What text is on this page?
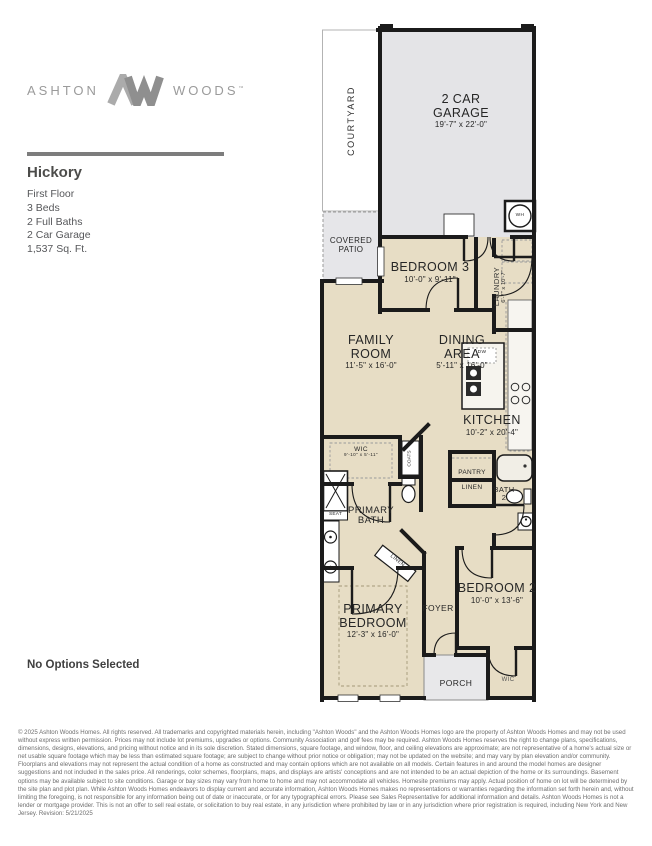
ASHTON	WOODS™
Hickory
First Floor
3 Beds
2 Full Baths
2 Car Garage
1,537 Sq. Ft.
No Options Selected
© 2025 Ashton Woods Homes. All rights reserved. All trademarks and copyrighted materials herein, including "Ashton Woods" and the Ashton Woods Homes logo are the property of Ashton Woods Homes and may not be used without express written permission. Prices may not include lot premiums, upgrades or options. Community Association and golf fees may be required. Ashton Woods Homes reserves the right to change plans, specifications, dimensions, designs, elevations, and pricing without notice and in its sole discretion. Stated dimensions, square footage, and window, floor, and ceiling elevations are approximate; are not representative of a home's actual size or net usable square footage which may be less than estimated square footage; are subject to change without prior notice or obligation; may not be updated on the website; and may vary by plan elevation and/or community. Floorplans and elevations may not represent the actual condition of a home as constructed and may contain options which are not available on all models. Certain features in and around the model homes are designer suggestions and not included in the sales price. All renderings, color schemes, floorplans, maps, and displays are artists' conceptions and are not intended to be an actual depiction of the home or its surroundings. Basement options may be available subject to site conditions. Garage or bay sizes may vary from home to home and may not accommodate all vehicles. Homesite premiums may apply. Actual position of home on lot will be determined by the site plan and plot plan. While Ashton Woods Homes endeavors to display current and accurate information, Ashton Woods Homes makes no representations or warranties regarding the information set forth herein and, without limiting the foregoing, is not responsible for any information being out of date or inaccurate, or for any typographical errors. Please see Sales Representative for additional information and details. Ashton Woods Homes is not a lender or mortgage provider. This is not an offer to sell real estate, or solicitation to buy real estate, in any jurisdiction where prohibited by law or in any jurisdiction where prior registration is required, including New York and New Jersey. Revision: 5/21/2025
COURTYARD	2 CAR GARAGE
19'-7" x 22'-0"
COVERED PATIO
BEDROOM 3
10'-0" x 9'-11"	LAUNDRY 6'-7" x 10'-7"
WH
FAMILY ROOM
11'-5" x 16'-0"
DINING AREA
5'-11" x 16'-0"
DW
KITCHEN
10'-2" x 20'-4"
WIC
9'-10" x 5'-11"	COATS
PANTRY
LINEN	BATH
2
PRIMARY BATH
SEAT
LINEN
PRIMARY BEDROOM
12'-3" x 16'-0"
FOYER
BEDROOM 2
10'-0" x 13'-6"
PORCH	WIC
